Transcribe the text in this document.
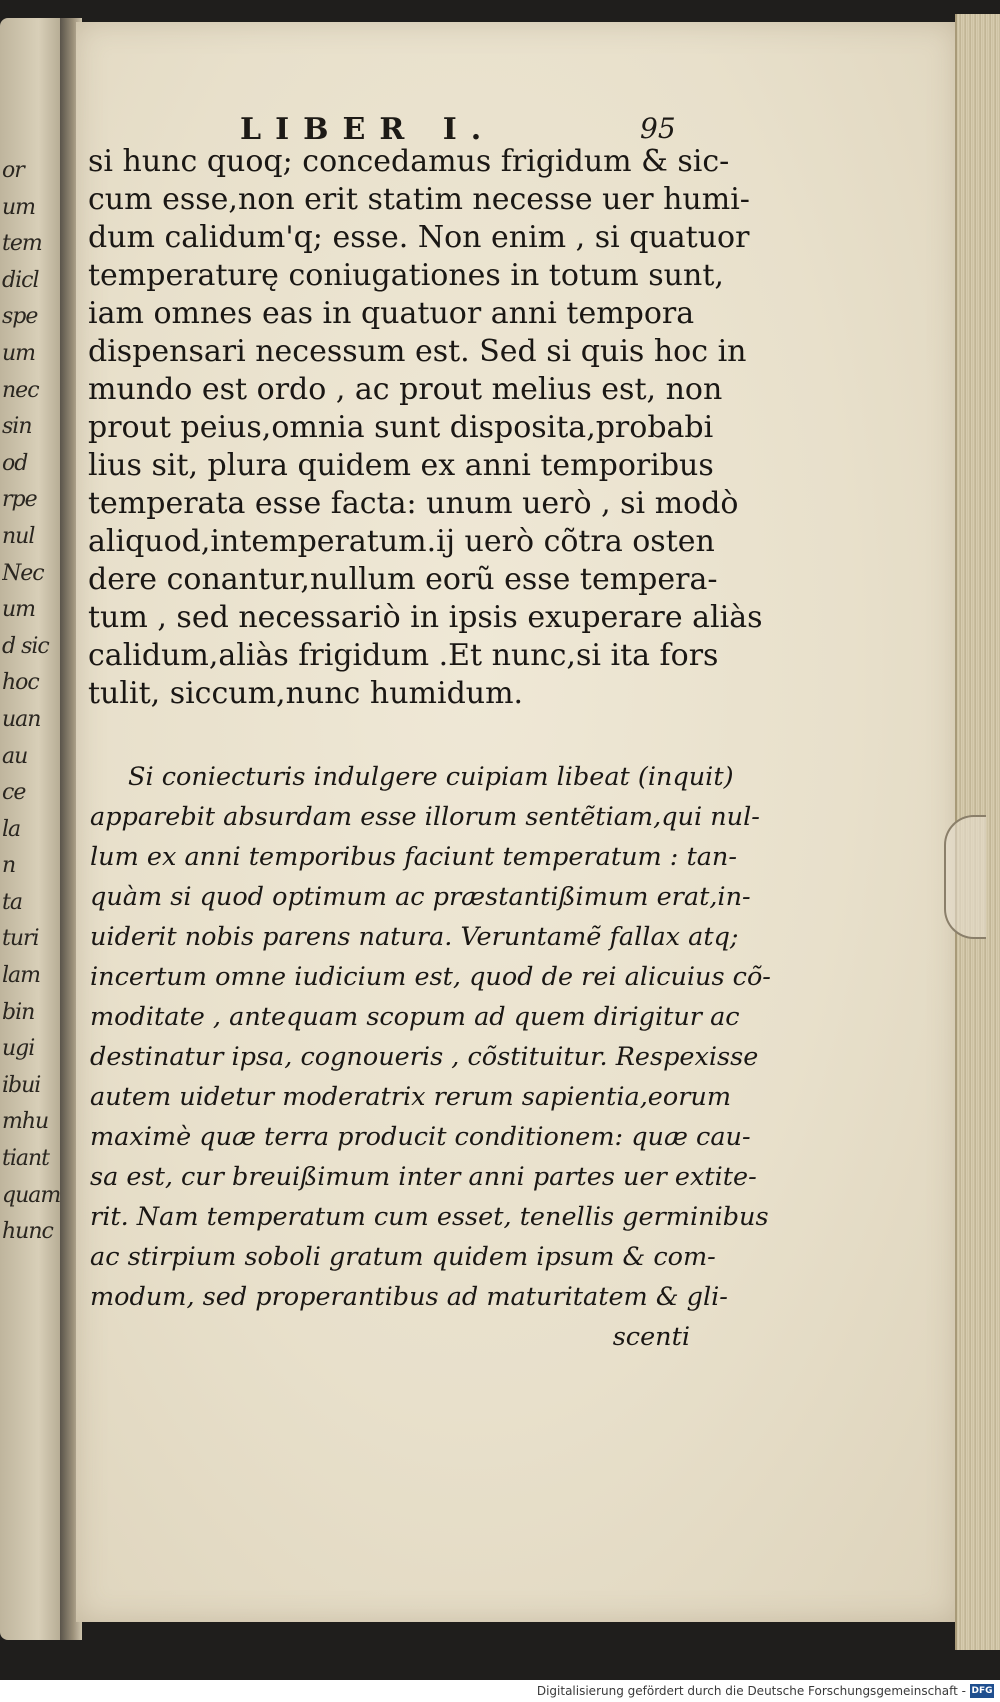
or
um
tem
dicl
spe
um
nec
sin
od
rpe
nul
Nec
um
d sic
hoc
uan
au
ce
la
n
ta
turi
lam
bin
ugi
ibui
mhu
tiant
quam
hunc
LIBER I.	95
si hunc quoq; concedamus frigidum & sic-
cum esse,non erit statim necesse uer humi-
dum calidum'q; esse. Non enim , si quatuor
temperaturę coniugationes in totum sunt,
iam omnes eas in quatuor anni tempora
dispensari necessum est. Sed si quis hoc in
mundo est ordo , ac prout melius est, non
prout peius,omnia sunt disposita,probabi
lius sit, plura quidem ex anni temporibus
temperata esse facta: unum uerò , si modò
aliquod,intemperatum.ij uerò cõtra osten
dere conantur,nullum eorũ esse tempera-
tum , sed necessariò in ipsis exuperare aliàs
calidum,aliàs frigidum .Et nunc,si ita fors
tulit, siccum,nunc humidum.
Si coniecturis indulgere cuipiam libeat (inquit)
apparebit absurdam esse illorum sentẽtiam,qui nul-
lum ex anni temporibus faciunt temperatum : tan-
quàm si quod optimum ac præstantißimum erat,in-
uiderit nobis parens natura. Veruntamẽ fallax atq;
incertum omne iudicium est, quod de rei alicuius cõ-
moditate , antequam scopum ad quem dirigitur ac
destinatur ipsa, cognoueris , cõstituitur. Respexisse
autem uidetur moderatrix rerum sapientia,eorum
maximè quæ terra producit conditionem: quæ cau-
sa est, cur breuißimum inter anni partes uer extite-
rit. Nam temperatum cum esset, tenellis germinibus
ac stirpium soboli gratum quidem ipsum & com-
modum, sed properantibus ad maturitatem & gli-
scenti
Digitalisierung gefördert durch die Deutsche Forschungsgemeinschaft - DFG
